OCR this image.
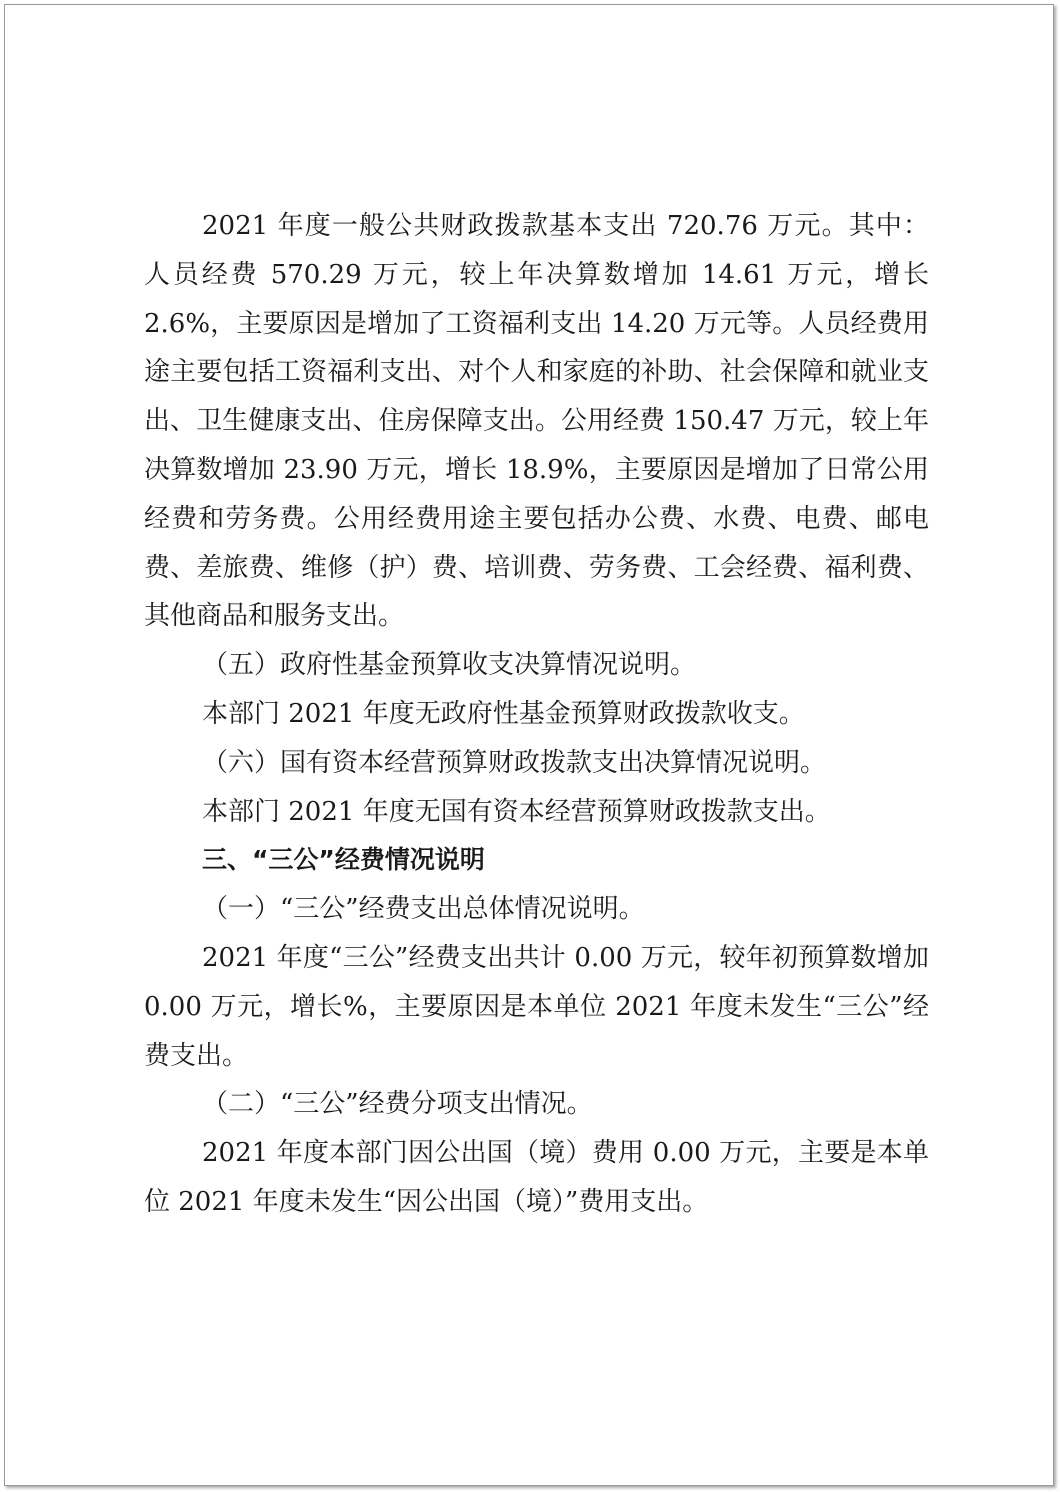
2021 年度一般公共财政拨款基本支出 720.76 万元。其中：人员经费 570.29 万元，较上年决算数增加 14.61 万元，增长 2.6%，主要原因是增加了工资福利支出 14.20 万元等。人员经费用途主要包括工资福利支出、对个人和家庭的补助、社会保障和就业支出、卫生健康支出、住房保障支出。公用经费 150.47 万元，较上年决算数增加 23.90 万元，增长 18.9%，主要原因是增加了日常公用经费和劳务费。公用经费用途主要包括办公费、水费、电费、邮电费、差旅费、维修（护）费、培训费、劳务费、工会经费、福利费、其他商品和服务支出。

（五）政府性基金预算收支决算情况说明。

本部门 2021 年度无政府性基金预算财政拨款收支。

（六）国有资本经营预算财政拨款支出决算情况说明。

本部门 2021 年度无国有资本经营预算财政拨款支出。

三、“三公”经费情况说明

（一）“三公”经费支出总体情况说明。

2021 年度“三公”经费支出共计 0.00 万元，较年初预算数增加 0.00 万元，增长%，主要原因是本单位 2021 年度未发生“三公”经费支出。

（二）“三公”经费分项支出情况。

2021 年度本部门因公出国（境）费用 0.00 万元，主要是本单位 2021 年度未发生“因公出国（境）”费用支出。
